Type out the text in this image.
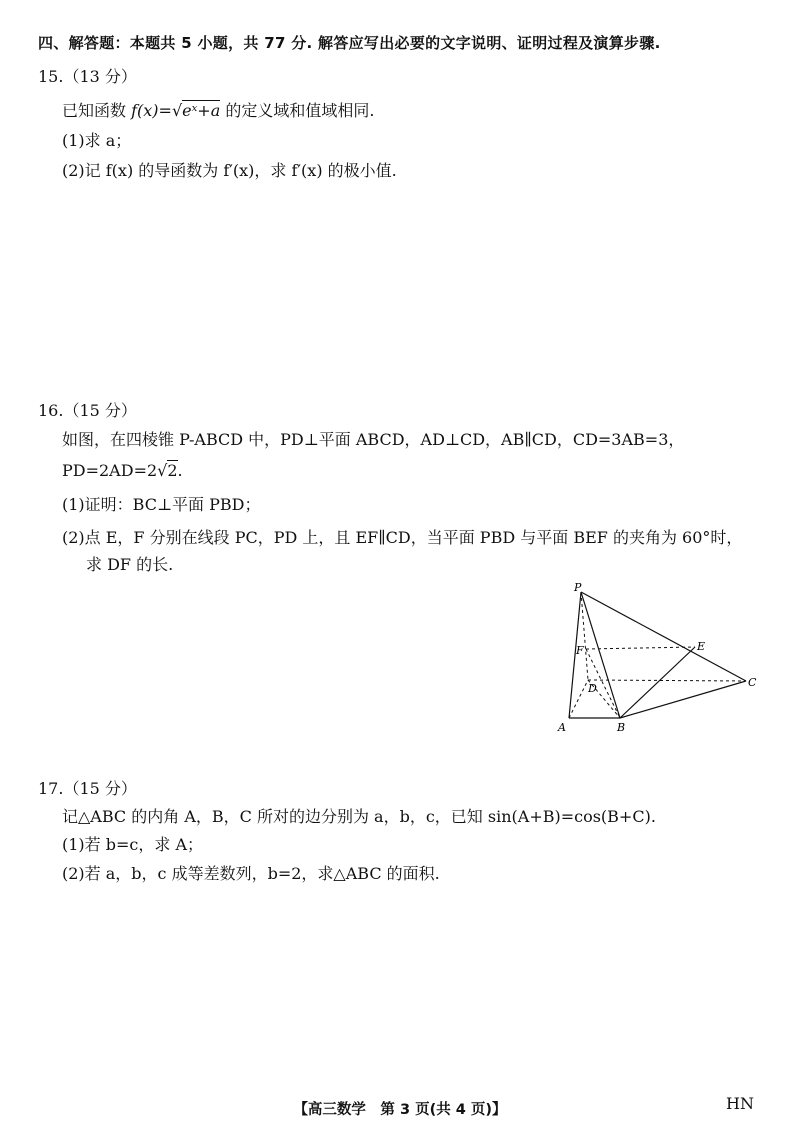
四、解答题：本题共 5 小题，共 77 分. 解答应写出必要的文字说明、证明过程及演算步骤.
15.（13 分）
已知函数 f(x)=√eˣ+a 的定义域和值域相同.
(1)求 a；
(2)记 f(x) 的导函数为 f′(x)，求 f′(x) 的极小值.
16.（15 分）
如图，在四棱锥 P-ABCD 中，PD⊥平面 ABCD，AD⊥CD，AB∥CD，CD=3AB=3，
PD=2AD=2√2.
(1)证明：BC⊥平面 PBD；
(2)点 E，F 分别在线段 PC，PD 上，且 EF∥CD，当平面 PBD 与平面 BEF 的夹角为 60°时，
求 DF 的长.
P
E
F
D	C
A	B
17.（15 分）
记△ABC 的内角 A，B，C 所对的边分别为 a，b，c，已知 sin(A+B)=cos(B+C).
(1)若 b=c，求 A；
(2)若 a，b，c 成等差数列，b=2，求△ABC 的面积.
【高三数学　第 3 页(共 4 页)】	HN
